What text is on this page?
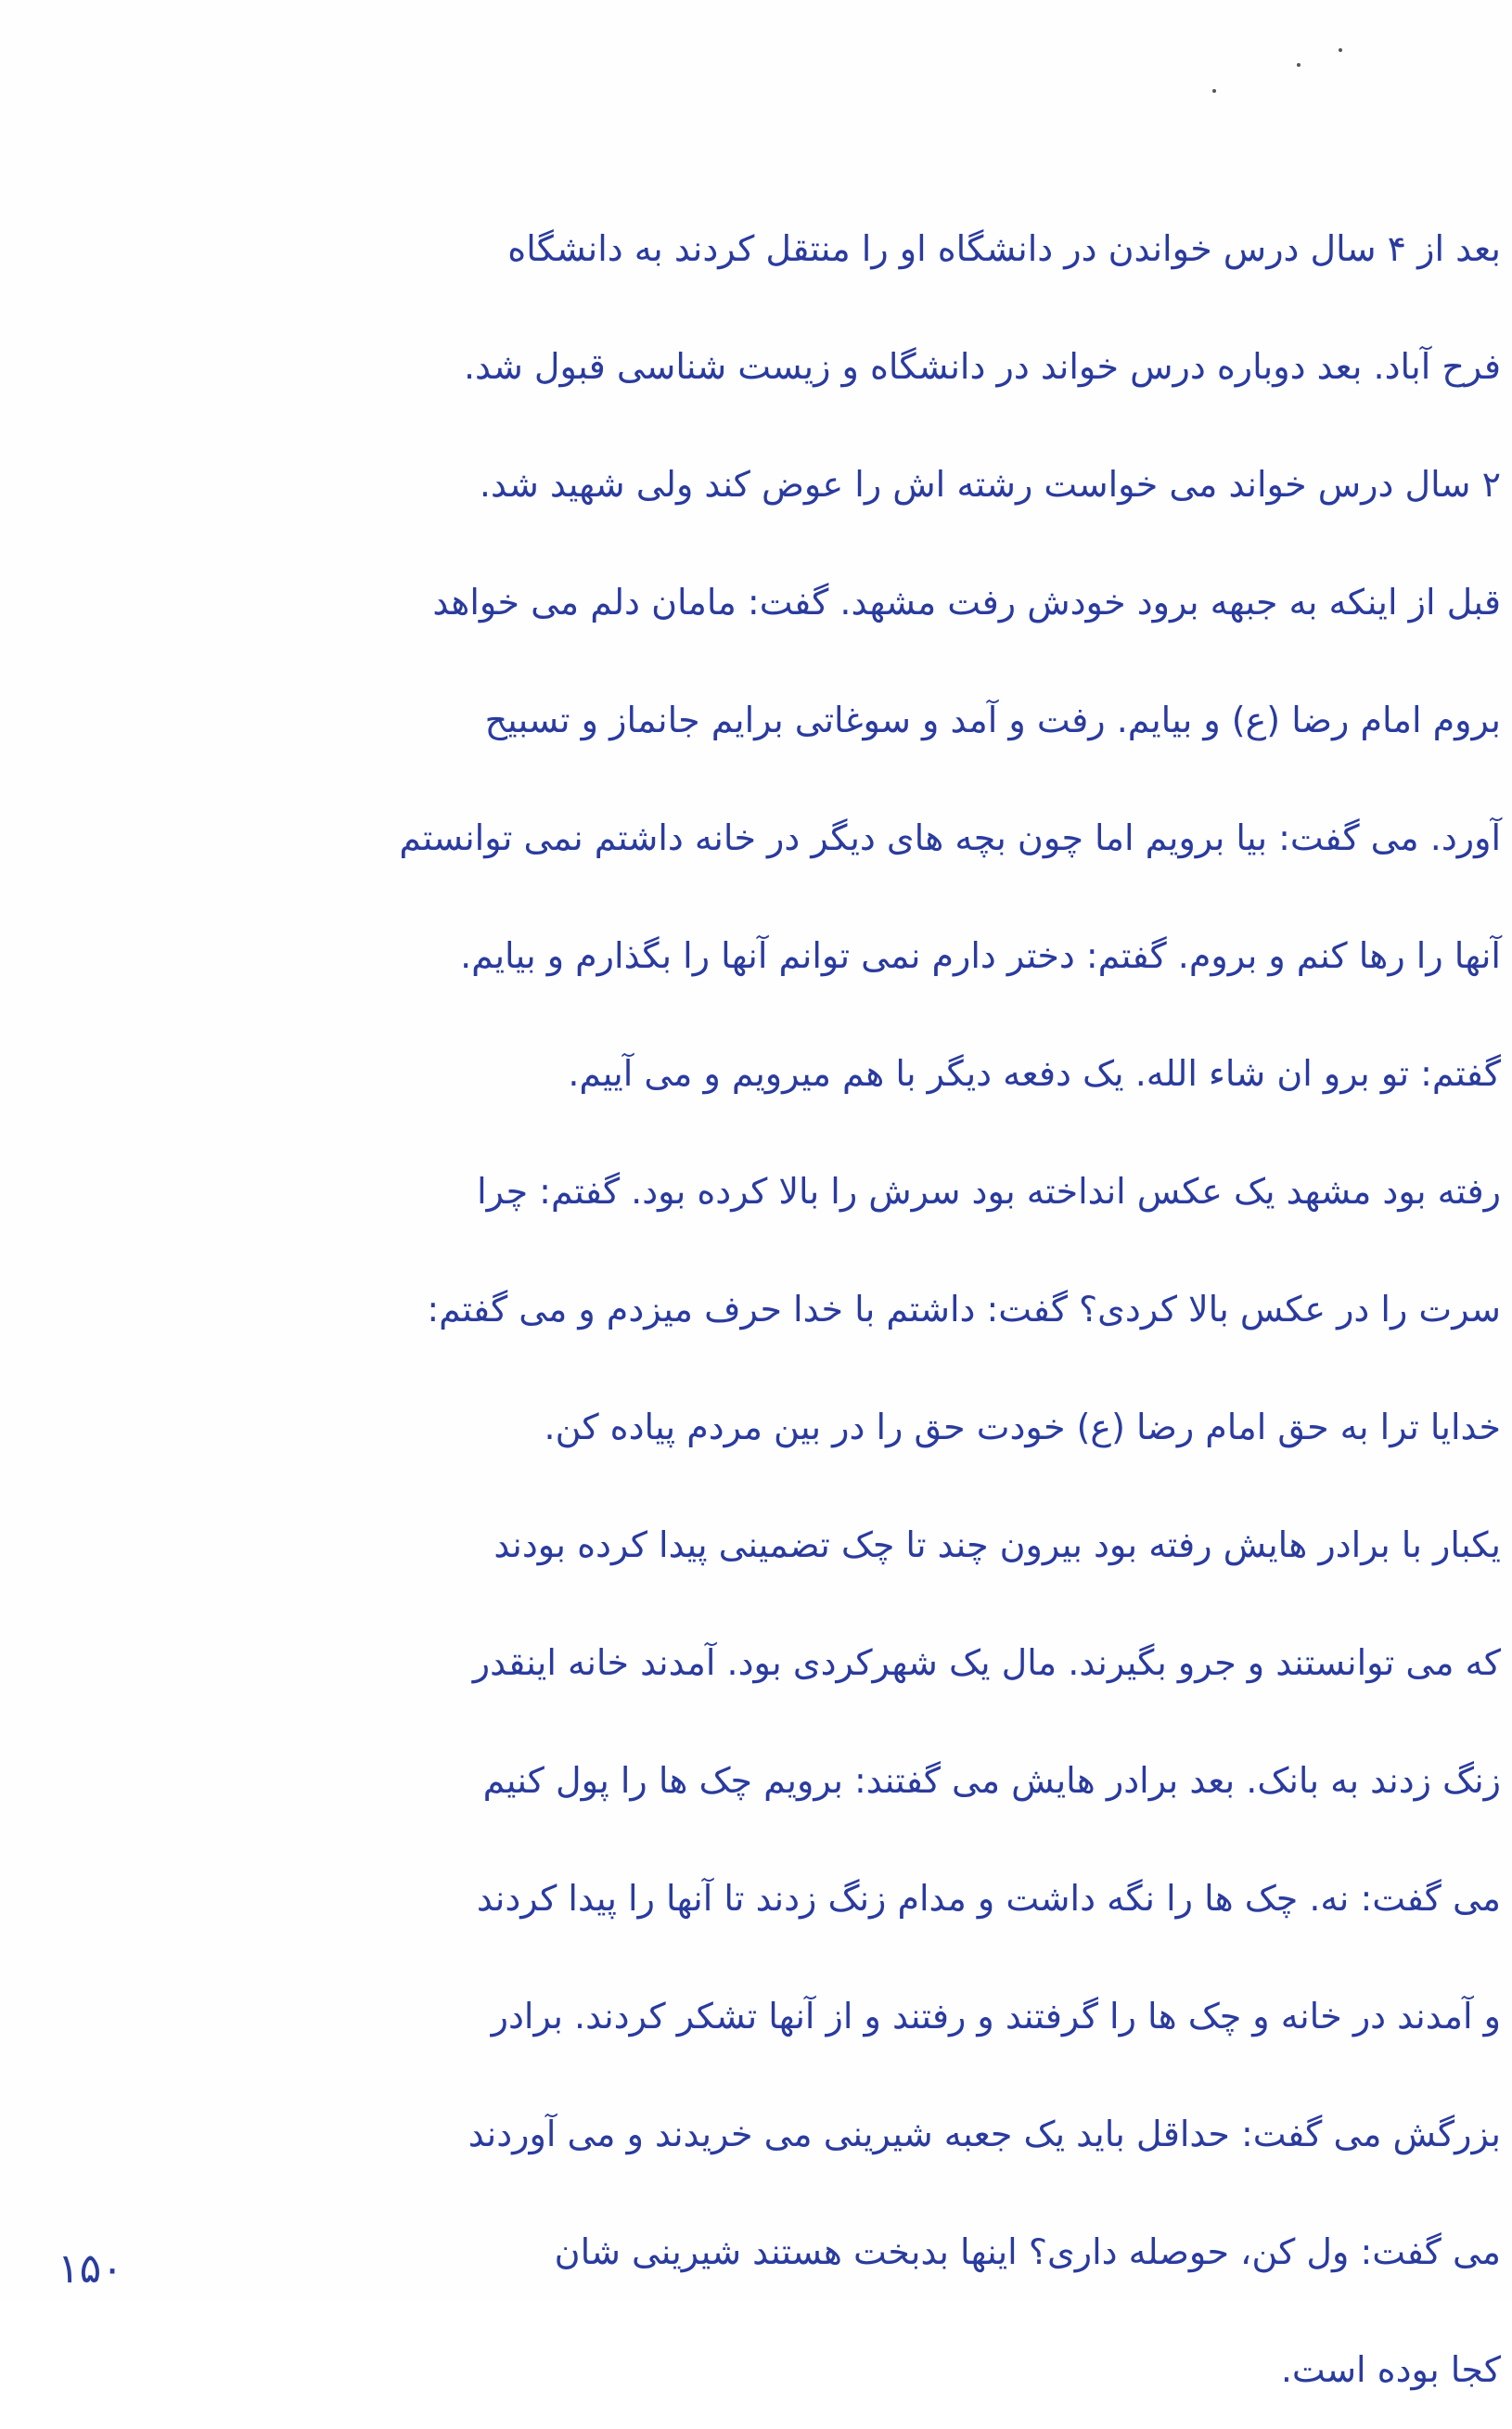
بعد از ۴ سال درس خواندن در دانشگاه او را منتقل کردند به دانشگاه
فرح آباد. بعد دوباره درس خواند در دانشگاه و زیست شناسی قبول شد.
۲ سال درس خواند می خواست رشته اش را عوض کند ولی شهید شد.
قبل از اینکه به جبهه برود خودش رفت مشهد. گفت: مامان دلم می خواهد
بروم امام رضا (ع) و بیایم. رفت و آمد و سوغاتی برایم جانماز و تسبیح
آورد. می گفت: بیا برویم اما چون بچه های دیگر در خانه داشتم نمی توانستم
آنها را رها کنم و بروم. گفتم: دختر دارم نمی توانم آنها را بگذارم و بیایم.
گفتم: تو برو ان شاء الله. یک دفعه دیگر با هم میرویم و می آییم.
رفته بود مشهد یک عکس انداخته بود سرش را بالا کرده بود. گفتم: چرا
سرت را در عکس بالا کردی؟ گفت: داشتم با خدا حرف میزدم و می گفتم:
خدایا ترا به حق امام رضا (ع) خودت حق را در بین مردم پیاده کن.
یکبار با برادر هایش رفته بود بیرون چند تا چک تضمینی پیدا کرده بودند
که می توانستند و جرو بگیرند. مال یک شهرکردی بود. آمدند خانه اینقدر
زنگ زدند به بانک. بعد برادر هایش می گفتند: برویم چک ها را پول کنیم
می گفت: نه. چک ها را نگه داشت و مدام زنگ زدند تا آنها را پیدا کردند
و آمدند در خانه و چک ها را گرفتند و رفتند و از آنها تشکر کردند. برادر
بزرگش می گفت: حداقل باید یک جعبه شیرینی می خریدند و می آوردند
می گفت: ول کن، حوصله داری؟ اینها بدبخت هستند شیرینی شان
کجا بوده است.
۱۵۰
